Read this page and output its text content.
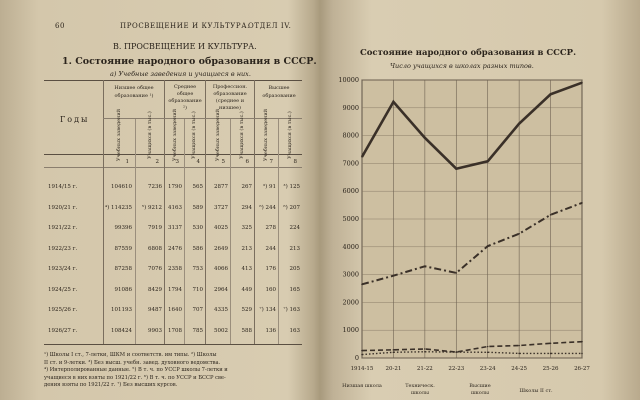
60	ПРОСВЕЩЕНИЕ И КУЛЬТУРА.
ОТДЕЛ IV.
В. ПРОСВЕЩЕНИЕ И КУЛЬТУРА.
1. Состояние народного образования в СССР.
а) Учебные заведения и учащиеся в них.
Годы
Низшее общее образование ¹)
Среднее общее образование ²)
Профессион. образование (среднее и низшее)
Высшее образование
Учебных заведений	Учащихся (в тыс.)	Учебных заведений	Учащихся (в тыс.)	Учебных заведений	Учащихся (в тыс.)	Учебных заведений	Учащихся (в тыс.)
1	2	3	4	5	6	7	8
1914/15 г.	104610	7236	1790	565	2877	267	³) 91	³) 125
1920/21 г.	⁴) 114235	⁵) 9212	4163	589	3727	294	⁶) 244	⁶) 207
1921/22 г.	99396	7919	3137	530	4025	325	278	224
1922/23 г.	87559	6808	2476	586	2649	213	244	213
1923/24 г.	87258	7076	2358	753	4066	413	176	205
1924/25 г.	91086	8429	1794	710	2964	449	160	165
1925/26 г.	101193	9487	1640	707	4335	529	⁷) 134	⁷) 163
1926/27 г.	108424	9903	1708	785	5002	588	136	163
¹) Школы I ст., 7-летки, ШКМ и соответств. им типы. ²) Школы
II ст. и 9-летки. ³) Без высш. учебн. завед. духовного ведомства.
⁴) Интерполированные данные. ⁵) В т. ч. по УССР школы 7-летки и
учащиеся в них взяты по 1921/22 г. ⁶) В т. ч. по УССР и БССР све-
дения взяты по 1921/22 г. ⁷) Без высших курсов.
Состояние народного образования в СССР.
Число учащихся в школах разных типов.
0
1000
2000
3000
4000
5000
6000
7000
8000
9000
10000
1914-15 20-21	21-22	22-23	23-24	24-25	25-26	26-27
Низшая школа	Техническ. школы
Высшие школы	Школы II ст.
